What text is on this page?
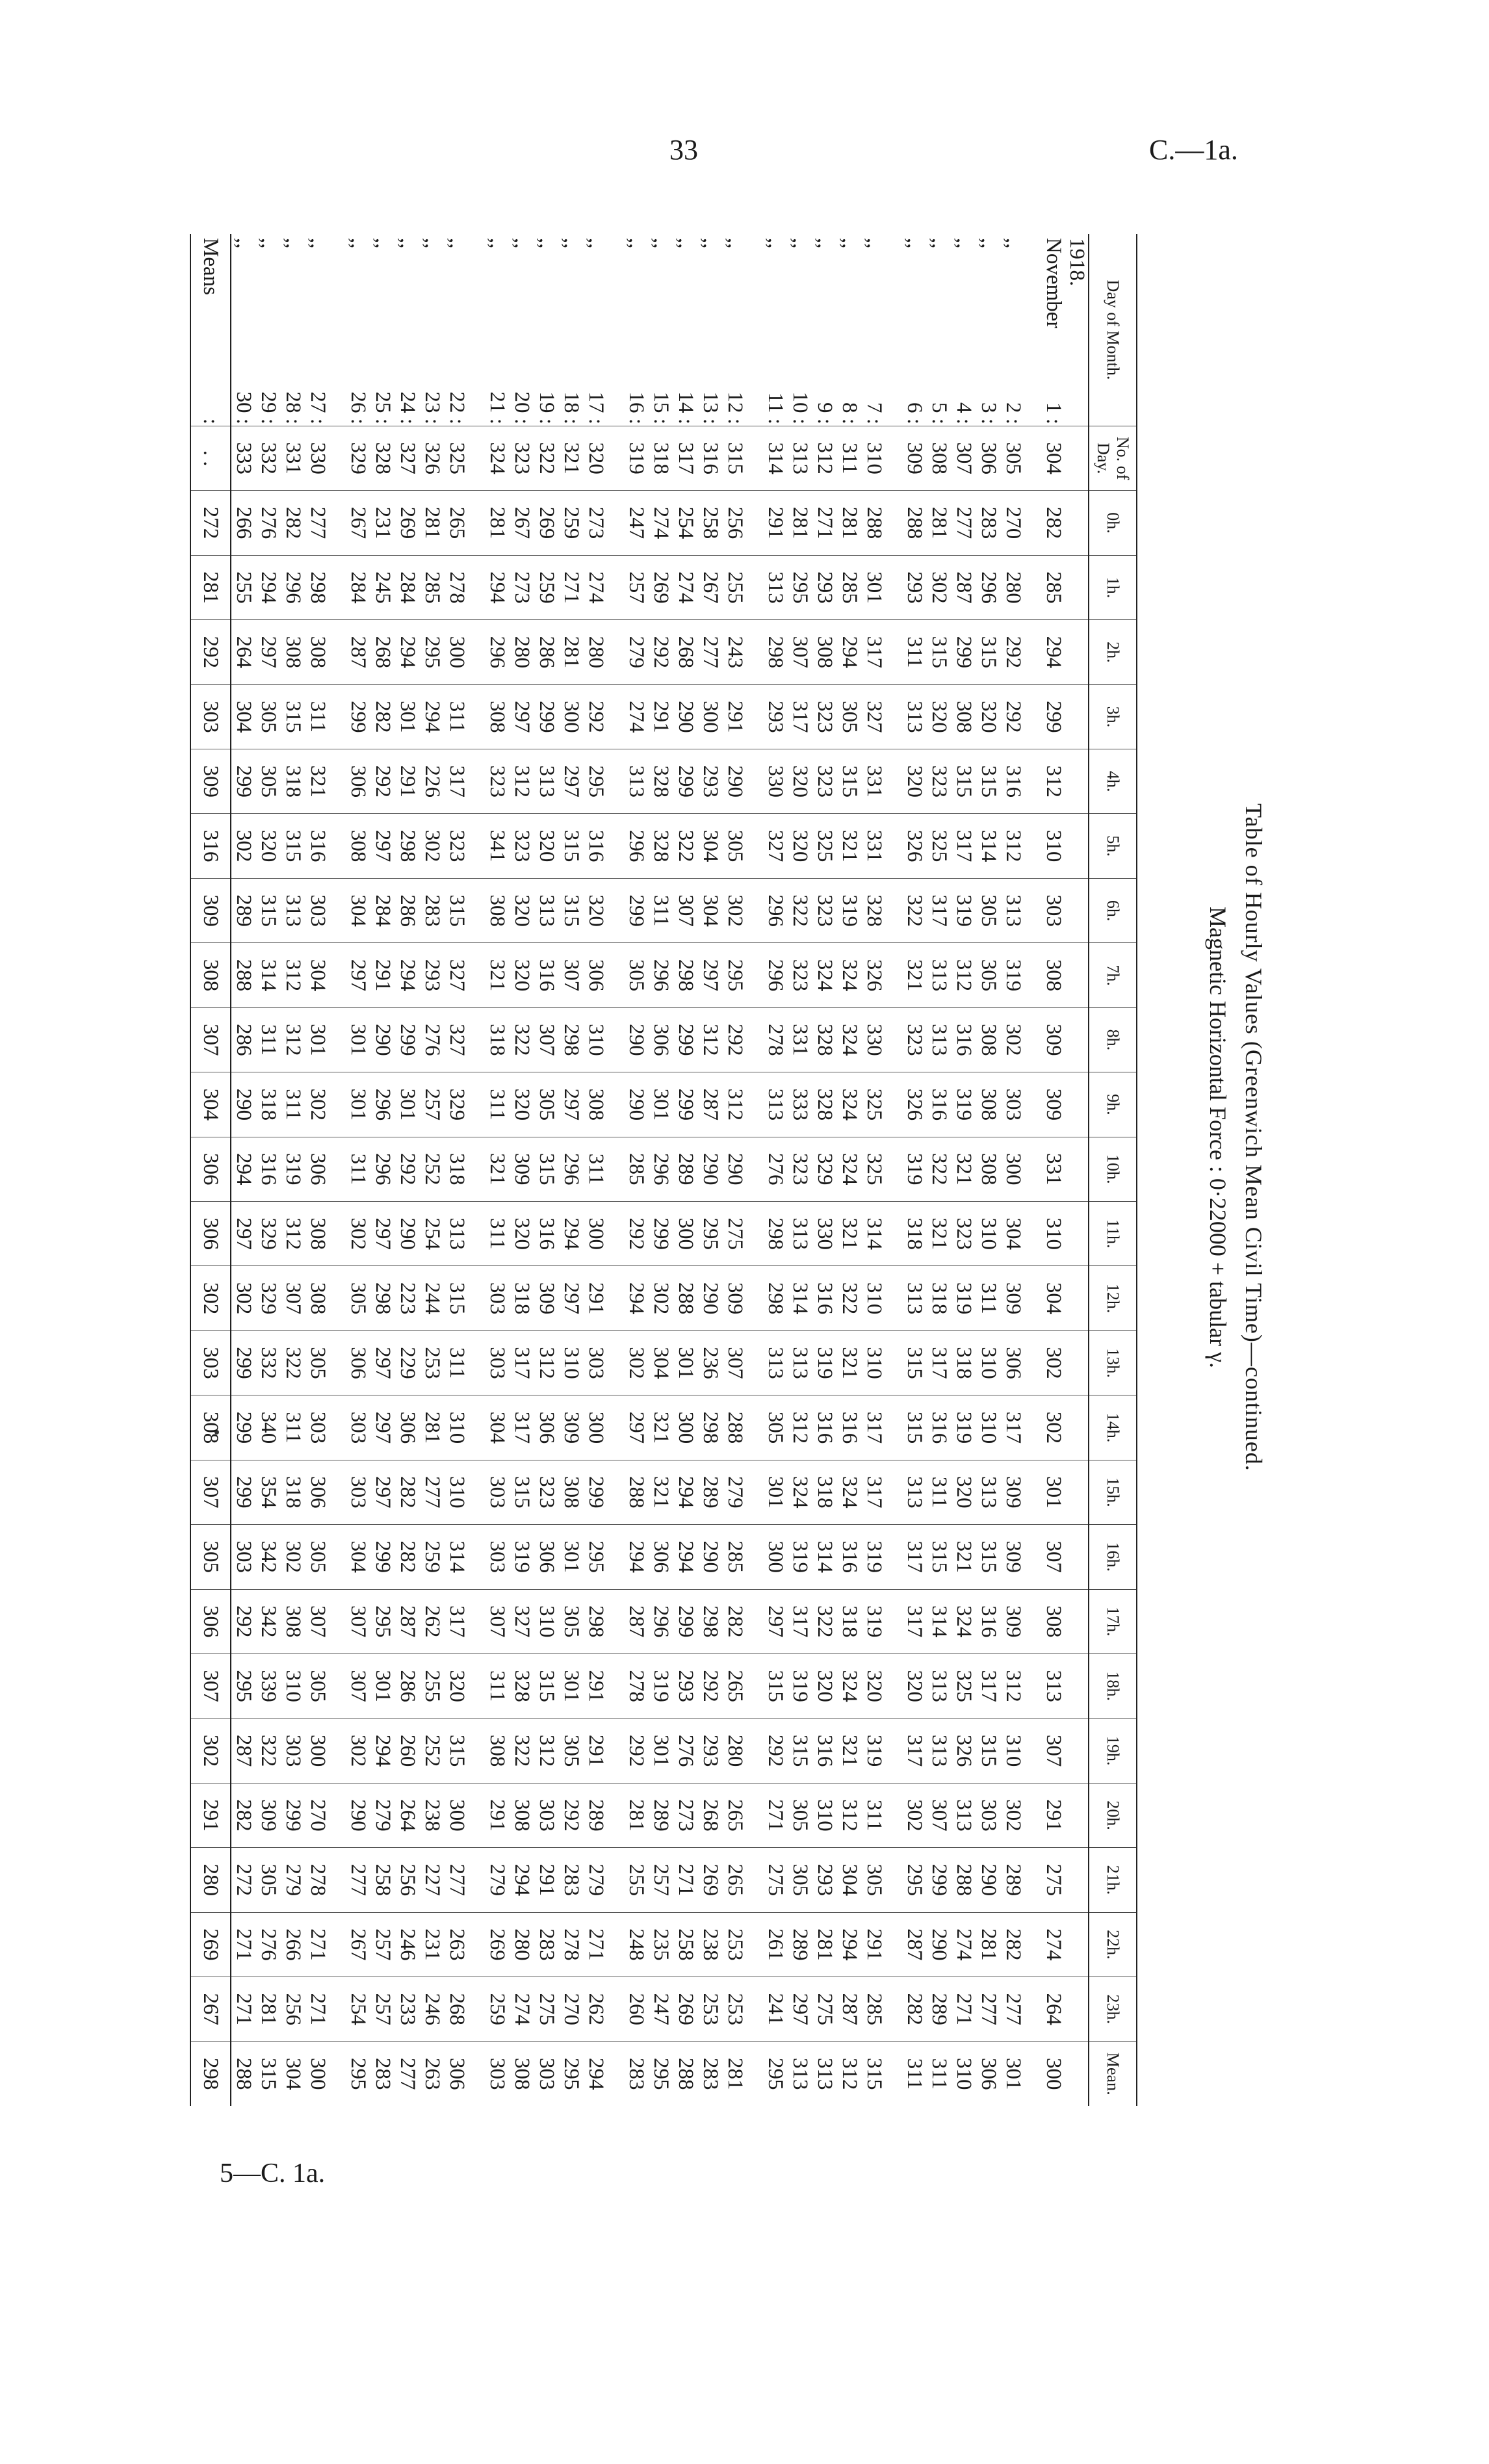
33	C.—1a.
5—C. 1a.
Table of Hourly Values (Greenwich Mean Civil Time)—continued.
Magnetic Horizontal Force : 0·22000 + tabular γ.
Day of Month.	No. of Day.	0h.	1h.	2h.	3h.	4h.	5h.	6h.	7h.	8h.	9h.	10h.	11h.	12h.	13h.	14h.	15h.	16h.	17h.	18h.	19h.	20h.	21h.	22h.	23h.	Mean.
1918.																										

November
1 :	304	282	285	294	299	312	310	303	308	309	309	331	310	304	302	302	301	307	308	313	307	291	275	274	264	300

,,
2 :	305	270	280	292	292	316	312	313	319	302	303	300	304	309	306	317	309	309	309	312	310	302	289	282	277	301

,,
3 :	306	283	296	315	320	315	314	305	305	308	308	308	310	311	310	310	313	315	316	317	315	303	290	281	277	306

,,
4 :	307	277	287	299	308	315	317	319	312	316	319	321	323	319	318	319	320	321	324	325	326	313	288	274	271	310

,,
5 :	308	281	302	315	320	323	325	317	313	313	316	322	321	318	317	316	311	315	314	313	313	307	299	290	289	311

,,
6 :	309	288	293	311	313	320	326	322	321	323	326	319	318	313	315	315	313	317	317	320	317	302	295	287	282	311

,,
7 :	310	288	301	317	327	331	331	328	326	330	325	325	314	310	310	317	317	319	319	320	319	311	305	291	285	315

,,
8 :	311	281	285	294	305	315	321	319	324	324	324	324	321	322	321	316	324	316	318	324	321	312	304	294	287	312

,,
9 :	312	271	293	308	323	323	325	323	324	328	328	329	330	316	319	316	318	314	322	320	316	310	293	281	275	313

,,
10 :	313	281	295	307	317	320	320	322	323	331	333	323	313	314	313	312	324	319	317	319	315	305	305	289	297	313

,,
11 :	314	291	313	298	293	330	327	296	296	278	313	276	298	298	313	305	301	300	297	315	292	271	275	261	241	295

,,
12 :	315	256	255	243	291	290	305	302	295	292	312	290	275	309	307	288	279	285	282	265	280	265	265	253	253	281

,,
13 :	316	258	267	277	300	293	304	304	297	312	287	290	295	290	236	298	289	290	298	292	293	268	269	238	253	283

,,
14 :	317	254	274	268	290	299	322	307	298	299	299	289	300	288	301	300	294	294	299	293	276	273	271	258	269	288

,,
15 :	318	274	269	292	291	328	328	311	296	306	301	296	299	302	304	321	321	306	296	319	301	289	257	235	247	295

,,
16 :	319	247	257	279	274	313	296	299	305	290	290	285	292	294	302	297	288	294	287	278	292	281	255	248	260	283

,,
17 :	320	273	274	280	292	295	316	320	306	310	308	311	300	291	303	300	299	295	298	291	291	289	279	271	262	294

,,
18 :	321	259	271	281	300	297	315	315	307	298	297	296	294	297	310	309	308	301	305	301	305	292	283	278	270	295

,,
19 :	322	269	259	286	299	313	320	313	316	307	305	315	316	309	312	306	323	306	310	315	312	303	291	283	275	303

,,
20 :	323	267	273	280	297	312	323	320	320	322	320	309	320	318	317	317	315	319	327	328	322	308	294	280	274	308

,,
21 :	324	281	294	296	308	323	341	308	321	318	311	321	311	303	303	304	303	303	307	311	308	291	279	269	259	303

,,
22 :	325	265	278	300	311	317	323	315	327	327	329	318	313	315	311	310	310	314	317	320	315	300	277	263	268	306

,,
23 :	326	281	285	295	294	226	302	283	293	276	257	252	254	244	253	281	277	259	262	255	252	238	227	231	246	263

,,
24 :	327	269	284	294	301	291	298	286	294	299	301	292	290	223	229	306	282	282	287	286	260	264	256	246	233	277

,,
25 :	328	231	245	268	282	292	297	284	291	290	296	296	297	298	297	297	297	299	295	301	294	279	258	257	257	283

,,
26 :	329	267	284	287	299	306	308	304	297	301	301	311	302	305	306	303	303	304	307	307	302	290	277	267	254	295

,,
27 :	330	277	298	308	311	321	316	303	304	301	302	306	308	308	305	303	306	305	307	305	300	270	278	271	271	300

,,
28 :	331	282	296	308	315	318	315	313	312	312	311	319	312	307	322	311	318	302	308	310	303	299	279	266	256	304

,,
29 :	332	276	294	297	305	305	320	315	314	311	318	316	329	329	332	340	354	342	342	339	322	309	305	276	281	315

,,
30 :	333	266	255	264	304	299	302	289	288	286	290	294	297	302	299	299	299	303	292	295	287	282	272	271	271	288

Means
:	. .	272	281	292	303	309	316	309	308	307	304	306	306	302	303	308	307	305	306	307	302	291	280	269	267	298
